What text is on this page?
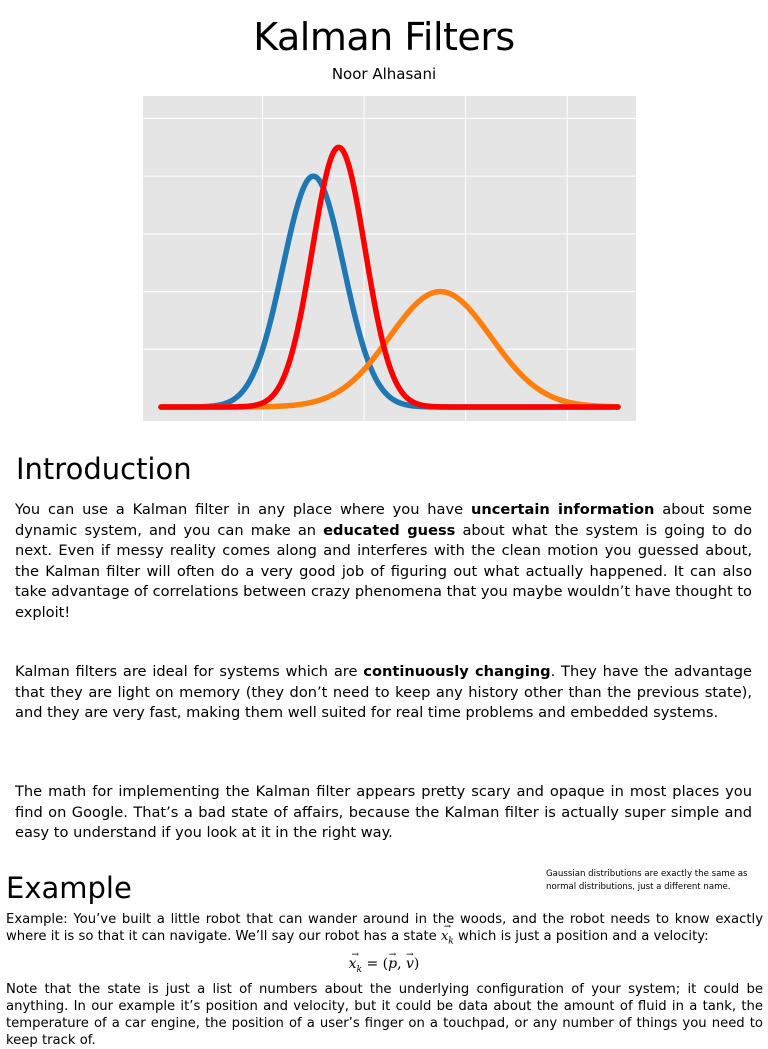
Kalman Filters
Noor Alhasani
Introduction
You can use a Kalman filter in any place where you have uncertain information about some dynamic system, and you can make an educated guess about what the system is going to do next. Even if messy reality comes along and interferes with the clean motion you guessed about, the Kalman filter will often do a very good job of figuring out what actually happened. It can also take advantage of correlations between crazy phenomena that you maybe wouldn’t have thought to exploit!
Kalman filters are ideal for systems which are continuously changing. They have the advantage that they are light on memory (they don’t need to keep any history other than the previous state), and they are very fast, making them well suited for real time problems and embedded systems.
The math for implementing the Kalman filter appears pretty scary and opaque in most places you find on Google. That’s a bad state of affairs, because the Kalman filter is actually super simple and easy to understand if you look at it in the right way.
Example	Gaussian distributions are exactly the same as normal distributions, just a different name.
Example: You’ve built a little robot that can wander around in the woods, and the robot needs to know exactly where it is so that it can navigate. We’ll say our robot has a state → $x_k$ which is just a position and a velocity:
→ $x_k$ = (→ p, → v)
Note that the state is just a list of numbers about the underlying configuration of your system; it could be anything. In our example it’s position and velocity, but it could be data about the amount of fluid in a tank, the temperature of a car engine, the position of a user’s finger on a touchpad, or any number of things you need to keep track of.
